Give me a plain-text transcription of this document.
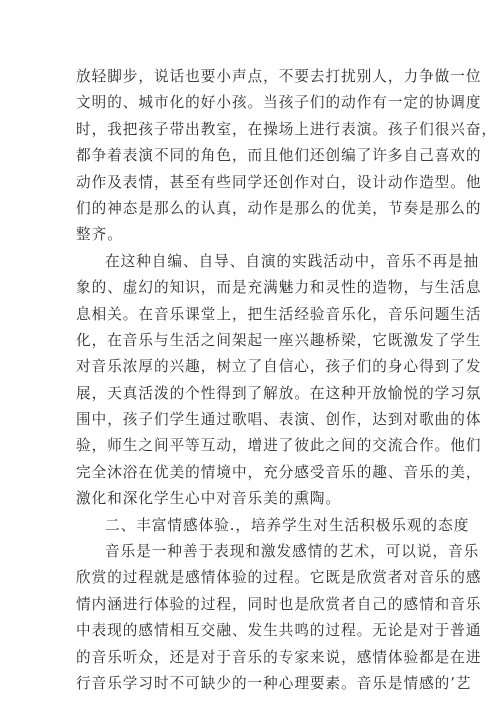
放轻脚步，说话也要小声点，不要去打扰别人，力争做一位
文明的、城市化的好小孩。当孩子们的动作有一定的协调度
时，我把孩子带出教室，在操场上进行表演。孩子们很兴奋，
都争着表演不同的角色，而且他们还创编了许多自己喜欢的
动作及表情，甚至有些同学还创作对白，设计动作造型。他
们的神态是那么的认真，动作是那么的优美，节奏是那么的
整齐。
在这种自编、自导、自演的实践活动中，音乐不再是抽
象的、虚幻的知识，而是充满魅力和灵性的造物，与生活息
息相关。在音乐课堂上，把生活经验音乐化，音乐问题生活
化，在音乐与生活之间架起一座兴趣桥梁，它既激发了学生
对音乐浓厚的兴趣，树立了自信心，孩子们的身心得到了发
展，天真活泼的个性得到了解放。在这种开放愉悦的学习氛
围中，孩子们学生通过歌唱、表演、创作，达到对歌曲的体
验，师生之间平等互动，增进了彼此之间的交流合作。他们
完全沐浴在优美的情境中，充分感受音乐的趣、音乐的美，
激化和深化学生心中对音乐美的熏陶。
二、丰富情感体验.，培养学生对生活积极乐观的态度
音乐是一种善于表现和激发感情的艺术，可以说，音乐
欣赏的过程就是感情体验的过程。它既是欣赏者对音乐的感
情内涵进行体验的过程，同时也是欣赏者自己的感情和音乐
中表现的感情相互交融、发生共鸣的过程。无论是对于普通
的音乐听众，还是对于音乐的专家来说，感情体验都是在进
行音乐学习时不可缺少的一种心理要素。音乐是情感的’艺
